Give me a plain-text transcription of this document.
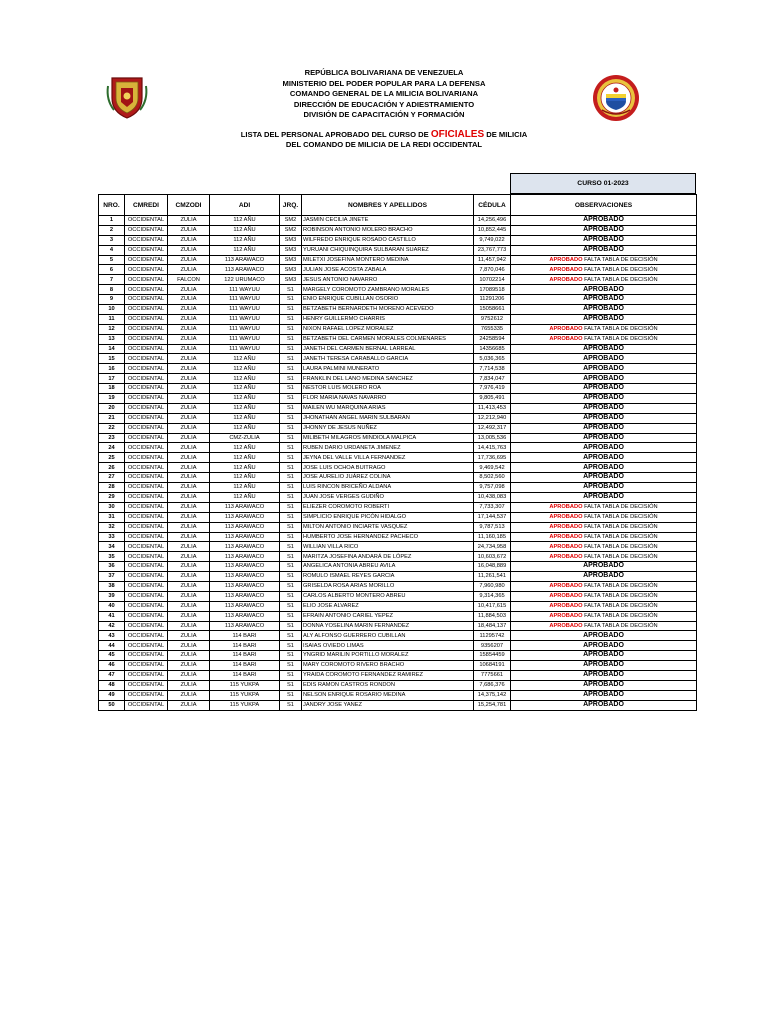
REPÚBLICA BOLIVARIANA DE VENEZUELA
MINISTERIO DEL PODER POPULAR PARA LA DEFENSA
COMANDO GENERAL DE LA MILICIA BOLIVARIANA
DIRECCIÓN DE EDUCACIÓN Y ADIESTRAMIENTO
DIVISIÓN DE CAPACITACIÓN Y FORMACIÓN
LISTA DEL PERSONAL APROBADO DEL CURSO DE OFICIALES DE MILICIA
DEL COMANDO DE MILICIA DE LA REDI OCCIDENTAL
CURSO 01-2023
NRO.	CMREDI	CMZODI	ADI	JRQ.	NOMBRES Y APELLIDOS	CÉDULA	OBSERVACIONES
1	OCCIDENTAL	ZULIA	112 AÑU	SM2	JASMIN CECILIA JINETE	14,256,496	APROBADO
2	OCCIDENTAL	ZULIA	112 AÑU	SM2	ROBINSON ANTONIO MOLERO BRACHO	10,852,445	APROBADO
3	OCCIDENTAL	ZULIA	112 AÑU	SM3	WILFREDO ENRIQUE ROSADO CASTILLO	9,749,022	APROBADO
4	OCCIDENTAL	ZULIA	112 AÑU	SM3	YURUANI CHIQUINQUIRA SULBARAN SUAREZ	23,767,773	APROBADO
5	OCCIDENTAL	ZULIA	113 ARAWACO	SM3	MILETXI JOSEFINA MONTERO MEDINA	11,457,942	APROBADO FALTA TABLA DE DECISIÓN
6	OCCIDENTAL	ZULIA	113 ARAWACO	SM3	JULIAN JOSE ACOSTA ZABALA	7,870,046	APROBADO FALTA TABLA DE DECISIÓN
7	OCCIDENTAL	FALCON	122 URUMACO	SM3	JESUS ANTONIO NAVARRO	10702214	APROBADO FALTA TABLA DE DECISIÓN
8	OCCIDENTAL	ZULIA	111 WAYUU	S1	MARGELY COROMOTO ZAMBRANO MORALES	17089518	APROBADO
9	OCCIDENTAL	ZULIA	111 WAYUU	S1	ENIO ENRIQUE CUBILLAN OSORIO	11291206	APROBADO
10	OCCIDENTAL	ZULIA	111 WAYUU	S1	BETZABETH BERNARDETH MORENO ACEVEDO	15058661	APROBADO
11	OCCIDENTAL	ZULIA	111 WAYUU	S1	HENRY GUILLERMO CHARRIS	9752612	APROBADO
12	OCCIDENTAL	ZULIA	111 WAYUU	S1	NIXON RAFAEL LOPEZ MORALEZ	7655335	APROBADO FALTA TABLA DE DECISIÓN
13	OCCIDENTAL	ZULIA	111 WAYUU	S1	BETZABETH DEL CARMEN MORALES COLMENARES	24258594	APROBADO FALTA TABLA DE DECISIÓN
14	OCCIDENTAL	ZULIA	111 WAYUU	S1	JANETH DEL CARMEN BERNAL LARREAL	14356685	APROBADO
15	OCCIDENTAL	ZULIA	112 AÑU	S1	JANETH TERESA CARABALLO GARCIA	5,036,365	APROBADO
16	OCCIDENTAL	ZULIA	112 AÑU	S1	LAURA PALMINI MUNERATO	7,714,538	APROBADO
17	OCCIDENTAL	ZULIA	112 AÑU	S1	FRANKLIN DEL LANO MEDINA SANCHEZ	7,834,047	APROBADO
18	OCCIDENTAL	ZULIA	112 AÑU	S1	NESTOR LUIS MOLERO ROA	7,976,419	APROBADO
19	OCCIDENTAL	ZULIA	112 AÑU	S1	FLOR MARIA NAVAS NAVARRO	9,805,491	APROBADO
20	OCCIDENTAL	ZULIA	112 AÑU	S1	MAILEN WU MARQUINA ARIAS	11,413,453	APROBADO
21	OCCIDENTAL	ZULIA	112 AÑU	S1	JHONATHAN ANGEL MARIN SULBARAN	12,212,940	APROBADO
22	OCCIDENTAL	ZULIA	112 AÑU	S1	JHONNY DE JESUS NUÑEZ	12,492,317	APROBADO
23	OCCIDENTAL	ZULIA	CMZ-ZULIA	S1	MILIBETH MILAGROS MINDIOLA MALPICA	13,005,536	APROBADO
24	OCCIDENTAL	ZULIA	112 AÑU	S1	RUBEN DARIO URDANETA JIMENEZ	14,415,763	APROBADO
25	OCCIDENTAL	ZULIA	112 AÑU	S1	JEYNA DEL VALLE VILLA FERNANDEZ	17,736,695	APROBADO
26	OCCIDENTAL	ZULIA	112 AÑU	S1	JOSE LUIS OCHOA BUITRAGO	9,469,542	APROBADO
27	OCCIDENTAL	ZULIA	112 AÑU	S1	JOSE AURELIO JUÁREZ COLINA	8,502,560	APROBADO
28	OCCIDENTAL	ZULIA	112 AÑU	S1	LUIS RINCON BRICEÑO ALDANA	9,757,098	APROBADO
29	OCCIDENTAL	ZULIA	112 AÑU	S1	JUAN JOSE VERGES GUDIÑO	10,438,083	APROBADO
30	OCCIDENTAL	ZULIA	113 ARAWACO	S1	ELIEZER COROMOTO ROBERTI	7,733,307	APROBADO FALTA TABLA DE DECISIÓN
31	OCCIDENTAL	ZULIA	113 ARAWACO	S1	SIMPLICIO ENRIQUE PICÓN HIDALGO	17,144,537	APROBADO FALTA TABLA DE DECISIÓN
32	OCCIDENTAL	ZULIA	113 ARAWACO	S1	MILTON ANTONIO INCIARTE VASQUEZ	9,787,513	APROBADO FALTA TABLA DE DECISIÓN
33	OCCIDENTAL	ZULIA	113 ARAWACO	S1	HUMBERTO JOSE HERNANDEZ PACHECO	11,160,185	APROBADO FALTA TABLA DE DECISIÓN
34	OCCIDENTAL	ZULIA	113 ARAWACO	S1	WILLIAN VILLA RICO	24,734,958	APROBADO FALTA TABLA DE DECISIÓN
35	OCCIDENTAL	ZULIA	113 ARAWACO	S1	MARITZA JOSEFINA ANDARÁ DE LÓPEZ	10,603,672	APROBADO FALTA TABLA DE DECISIÓN
36	OCCIDENTAL	ZULIA	113 ARAWACO	S1	ANGELICA ANTONIA ABREU AVILA	16,048,889	APROBADO
37	OCCIDENTAL	ZULIA	113 ARAWACO	S1	ROMULO ISMAEL REYES GARCIA	11,261,541	APROBADO
38	OCCIDENTAL	ZULIA	113 ARAWACO	S1	GRISELDA ROSA ARIAS MORILLO	7,960,980	APROBADO FALTA TABLA DE DECISIÓN
39	OCCIDENTAL	ZULIA	113 ARAWACO	S1	CARLOS ALBERTO MONTERO ABREU	9,314,365	APROBADO FALTA TABLA DE DECISIÓN
40	OCCIDENTAL	ZULIA	113 ARAWACO	S1	ELIO JOSE ALVAREZ	10,417,615	APROBADO FALTA TABLA DE DECISIÓN
41	OCCIDENTAL	ZULIA	113 ARAWACO	S1	EFRAIN ANTONIO CARIEL YEPEZ	11,884,503	APROBADO FALTA TABLA DE DECISIÓN
42	OCCIDENTAL	ZULIA	113 ARAWACO	S1	DONNA YOSELINA MARIN FERNANDEZ	18,484,137	APROBADO FALTA TABLA DE DECISIÓN
43	OCCIDENTAL	ZULIA	114 BARI	S1	ALY ALFONSO GUERRERO CUBILLAN	11295742	APROBADO
44	OCCIDENTAL	ZULIA	114 BARI	S1	ISAIAS OVIEDO LIMAS	9356207	APROBADO
45	OCCIDENTAL	ZULIA	114 BARI	S1	YNGRID MARILIN PORTILLO MORALEZ	15854459	APROBADO
46	OCCIDENTAL	ZULIA	114 BARI	S1	MARY COROMOTO RIVERO BRACHO	10684191	APROBADO
47	OCCIDENTAL	ZULIA	114 BARI	S1	YRAIDA COROMOTO FERNANDEZ RAMIREZ	7775661	APROBADO
48	OCCIDENTAL	ZULIA	115 YUKPA	S1	EDIS RAMON CASTROS RONDON	7,686,376	APROBADO
49	OCCIDENTAL	ZULIA	115 YUKPA	S1	NELSON ENRIQUE ROSARIO MEDINA	14,375,142	APROBADO
50	OCCIDENTAL	ZULIA	115 YUKPA	S1	JANDRY JOSE YANEZ	15,254,781	APROBADO
